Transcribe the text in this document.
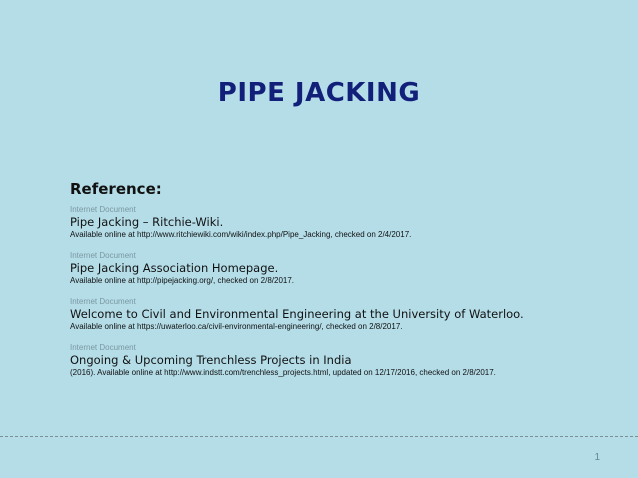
PIPE JACKING
Reference:
Internet Document
Pipe Jacking – Ritchie-Wiki.
Available online at http://www.ritchiewiki.com/wiki/index.php/Pipe_Jacking, checked on 2/4/2017.
Internet Document
Pipe Jacking Association Homepage.
Available online at http://pipejacking.org/, checked on 2/8/2017.
Internet Document
Welcome to Civil and Environmental Engineering at the University of Waterloo.
Available online at https://uwaterloo.ca/civil-environmental-engineering/, checked on 2/8/2017.
Internet Document
Ongoing & Upcoming Trenchless Projects in India
(2016). Available online at http://www.indstt.com/trenchless_projects.html, updated on 12/17/2016, checked on 2/8/2017.
1
